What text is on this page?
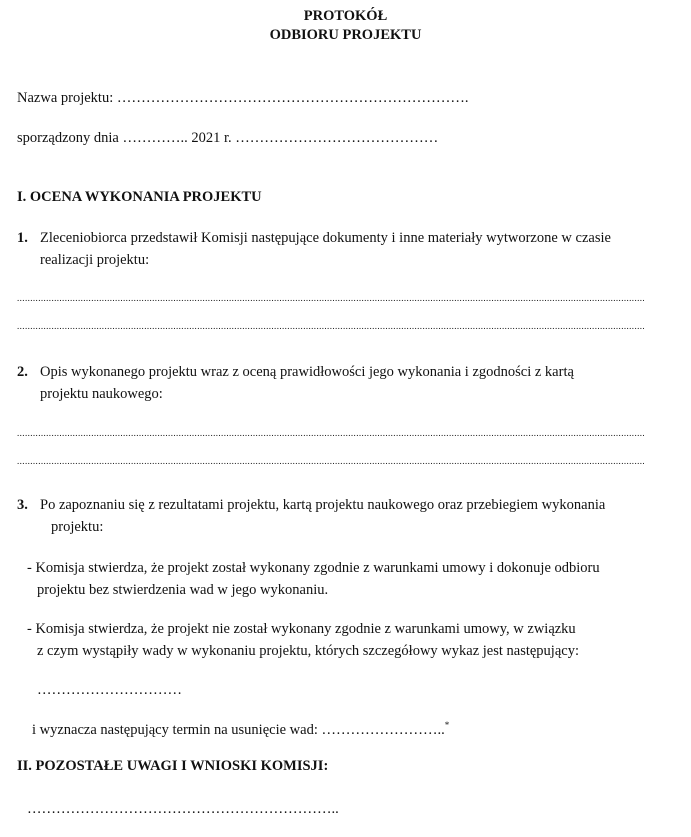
PROTOKÓŁ
ODBIORU PROJEKTU
Nazwa projektu: ……………………………………………………………….
sporządzony dnia ………….. 2021 r. ……………………………………
I. OCENA WYKONANIA PROJEKTU
1. Zleceniobiorca przedstawił Komisji następujące dokumenty i inne materiały wytworzone w czasie
realizacji projektu:
.....
.....
2. Opis wykonanego projektu wraz z oceną prawidłowości jego wykonania i zgodności z kartą
projektu naukowego:
.....
.....
3. Po zapoznaniu się z rezultatami projektu, kartą projektu naukowego oraz przebiegiem wykonania
projektu:
- Komisja stwierdza, że projekt został wykonany zgodnie z warunkami umowy i dokonuje odbioru
projektu bez stwierdzenia wad w jego wykonaniu.
- Komisja stwierdza, że projekt nie został wykonany zgodnie z warunkami umowy, w związku
z czym wystąpiły wady w wykonaniu projektu, których szczegółowy wykaz jest następujący:
…………………………
i wyznacza następujący termin na usunięcie wad: ……………………..*
II. POZOSTAŁE UWAGI I WNIOSKI KOMISJI:
………………………………………………………..
